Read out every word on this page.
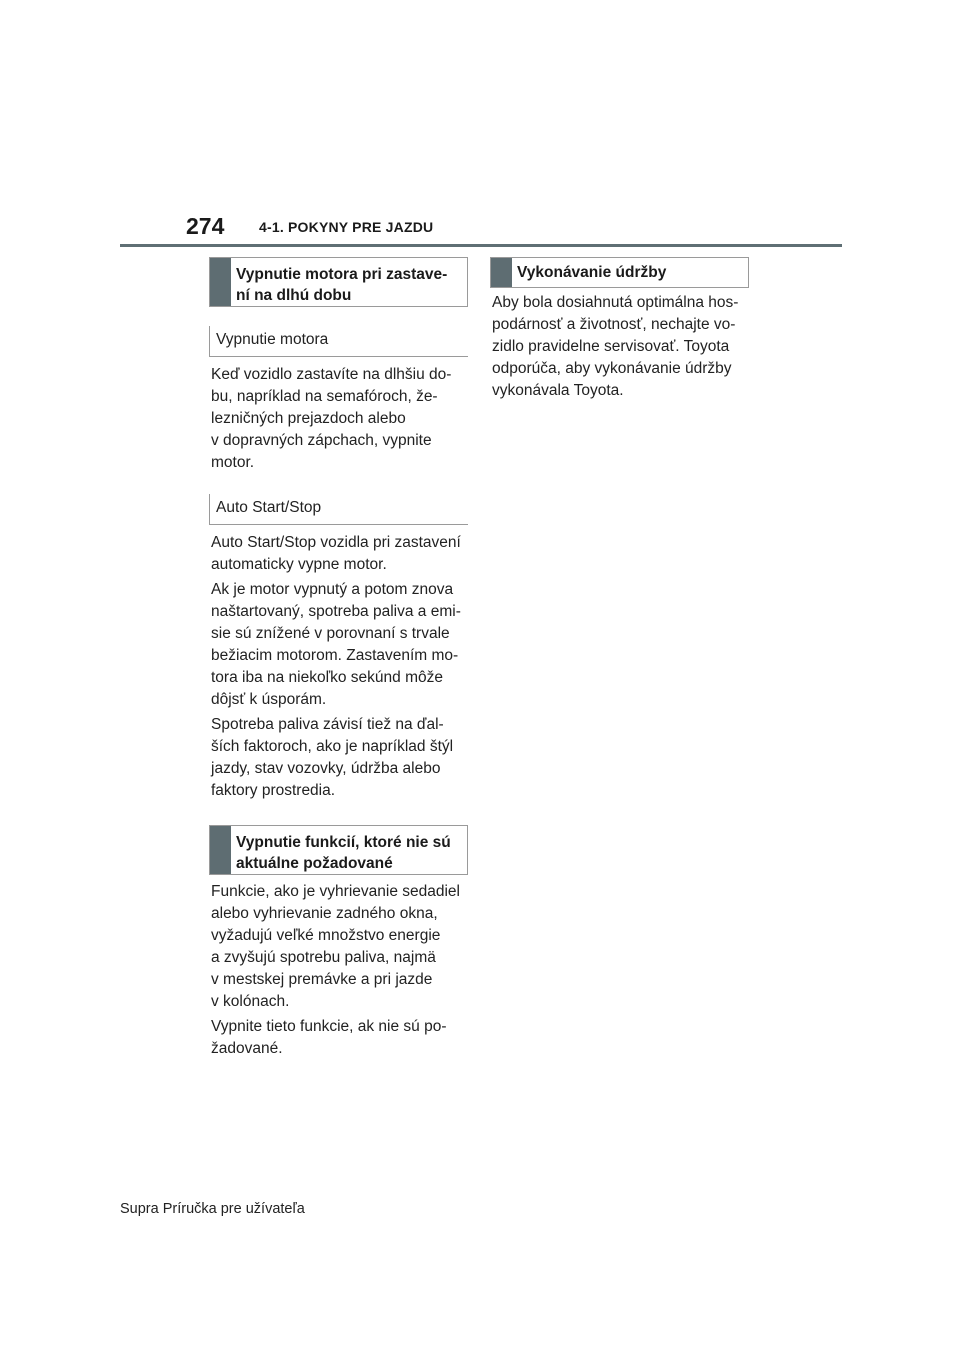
274 4-1. POKYNY PRE JAZDU
Vypnutie motora pri zastave-
ní na dlhú dobu
Vypnutie motora

Keď vozidlo zastavíte na dlhšiu do-
bu, napríklad na semafóroch, že-
lezničných prejazdoch alebo
v dopravných zápchach, vypnite
motor.

Auto Start/Stop

Auto Start/Stop vozidla pri zastavení
automaticky vypne motor.

Ak je motor vypnutý a potom znova
naštartovaný, spotreba paliva a emi-
sie sú znížené v porovnaní s trvale
bežiacim motorom. Zastavením mo-
tora iba na niekoľko sekúnd môže
dôjsť k úsporám.

Spotreba paliva závisí tiež na ďal-
ších faktoroch, ako je napríklad štýl
jazdy, stav vozovky, údržba alebo
faktory prostredia.

Vypnutie funkcií, ktoré nie sú
aktuálne požadované

Funkcie, ako je vyhrievanie sedadiel
alebo vyhrievanie zadného okna,
vyžadujú veľké množstvo energie
a zvyšujú spotrebu paliva, najmä
v mestskej premávke a pri jazde
v kolónach.

Vypnite tieto funkcie, ak nie sú po-
žadované.

Vykonávanie údržby

Aby bola dosiahnutá optimálna hos-
podárnosť a životnosť, nechajte vo-
zidlo pravidelne servisovať. Toyota
odporúča, aby vykonávanie údržby
vykonávala Toyota.

Supra Príručka pre užívateľa
